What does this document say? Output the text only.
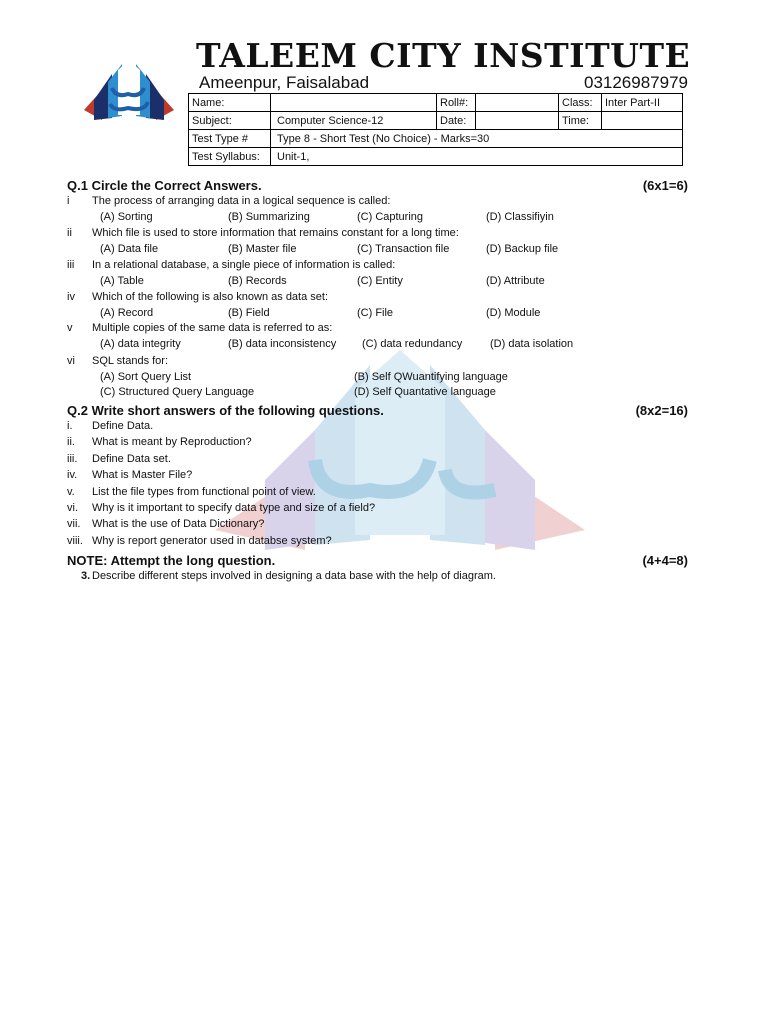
TALEEM CITY INSTITUTE
Ameenpur, Faisalabad	03126987979
Name:		Roll#:		Class:	Inter Part-II
Subject:	Computer Science-12	Date:		Time:	
Test Type #	Type 8 - Short Test (No Choice) - Marks=30				
Test Syllabus:	Unit-1,				
Q.1 Circle the Correct Answers.	(6x1=6)
i The process of arranging data in a logical sequence is called:
(A) Sorting	(B) Summarizing	(C) Capturing	(D) Classifiyin
ii Which file is used to store information that remains constant for a long time:
(A) Data file	(B) Master file	(C) Transaction file	(D) Backup file
iii In a relational database, a single piece of information is called:
(A) Table	(B) Records	(C) Entity	(D) Attribute
iv Which of the following is also known as data set:
(A) Record	(B) Field	(C) File	(D) Module
v Multiple copies of the same data is referred to as:
(A) data integrity	(B) data inconsistency (C) data redundancy	(D) data isolation
vi SQL stands for:
(A) Sort Query List	(B) Self QWuantifying language
(C) Structured Query Language	(D) Self Quantative language
Q.2 Write short answers of the following questions.	(8x2=16)
i. Define Data.
ii. What is meant by Reproduction?
iii. Define Data set.
iv. What is Master File?
v. List the file types from functional point of view.
vi. Why is it important to specify data type and size of a field?
vii. What is the use of Data Dictionary?
viii. Why is report generator used in databse system?
NOTE: Attempt the long question.	(4+4=8)
3. Describe different steps involved in designing a data base with the help of diagram.
